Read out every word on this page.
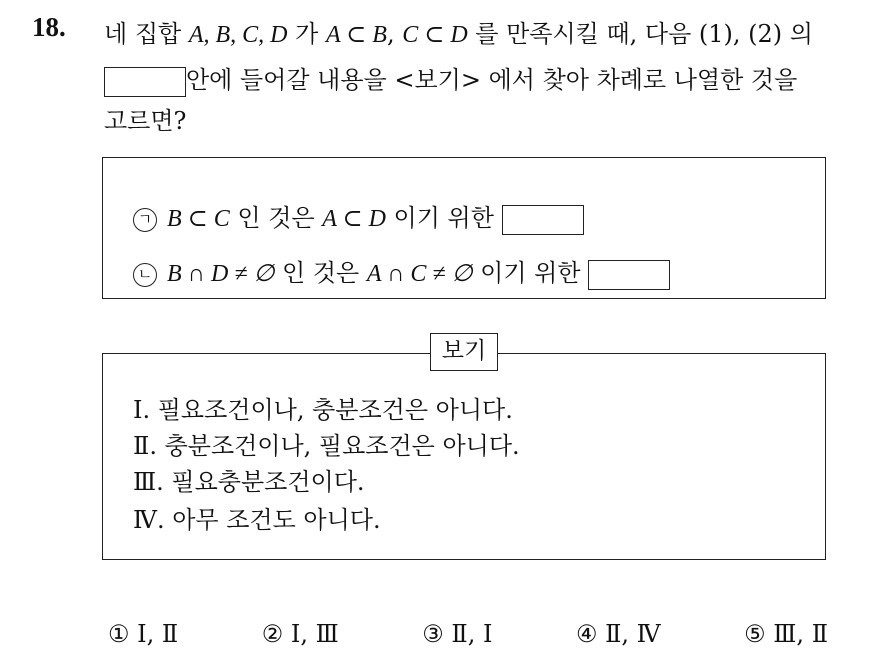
18. 네 집합 A, B, C, D 가 A ⊂ B, C ⊂ D 를 만족시킬 때, 다음 (1), (2) 의
안에 들어갈 내용을 <보기> 에서 찾아 차례로 나열한 것을
고르면?
ㄱ B ⊂ C 인 것은 A ⊂ D 이기 위한
ㄴ B ∩ D ≠ ∅ 인 것은 A ∩ C ≠ ∅ 이기 위한
Ⅰ. 필요조건이나, 충분조건은 아니다.
Ⅱ. 충분조건이나, 필요조건은 아니다.
Ⅲ. 필요충분조건이다.
Ⅳ. 아무 조건도 아니다.
보기
① Ⅰ, Ⅱ	② Ⅰ, Ⅲ	③ Ⅱ, Ⅰ	④ Ⅱ, Ⅳ	⑤ Ⅲ, Ⅱ
